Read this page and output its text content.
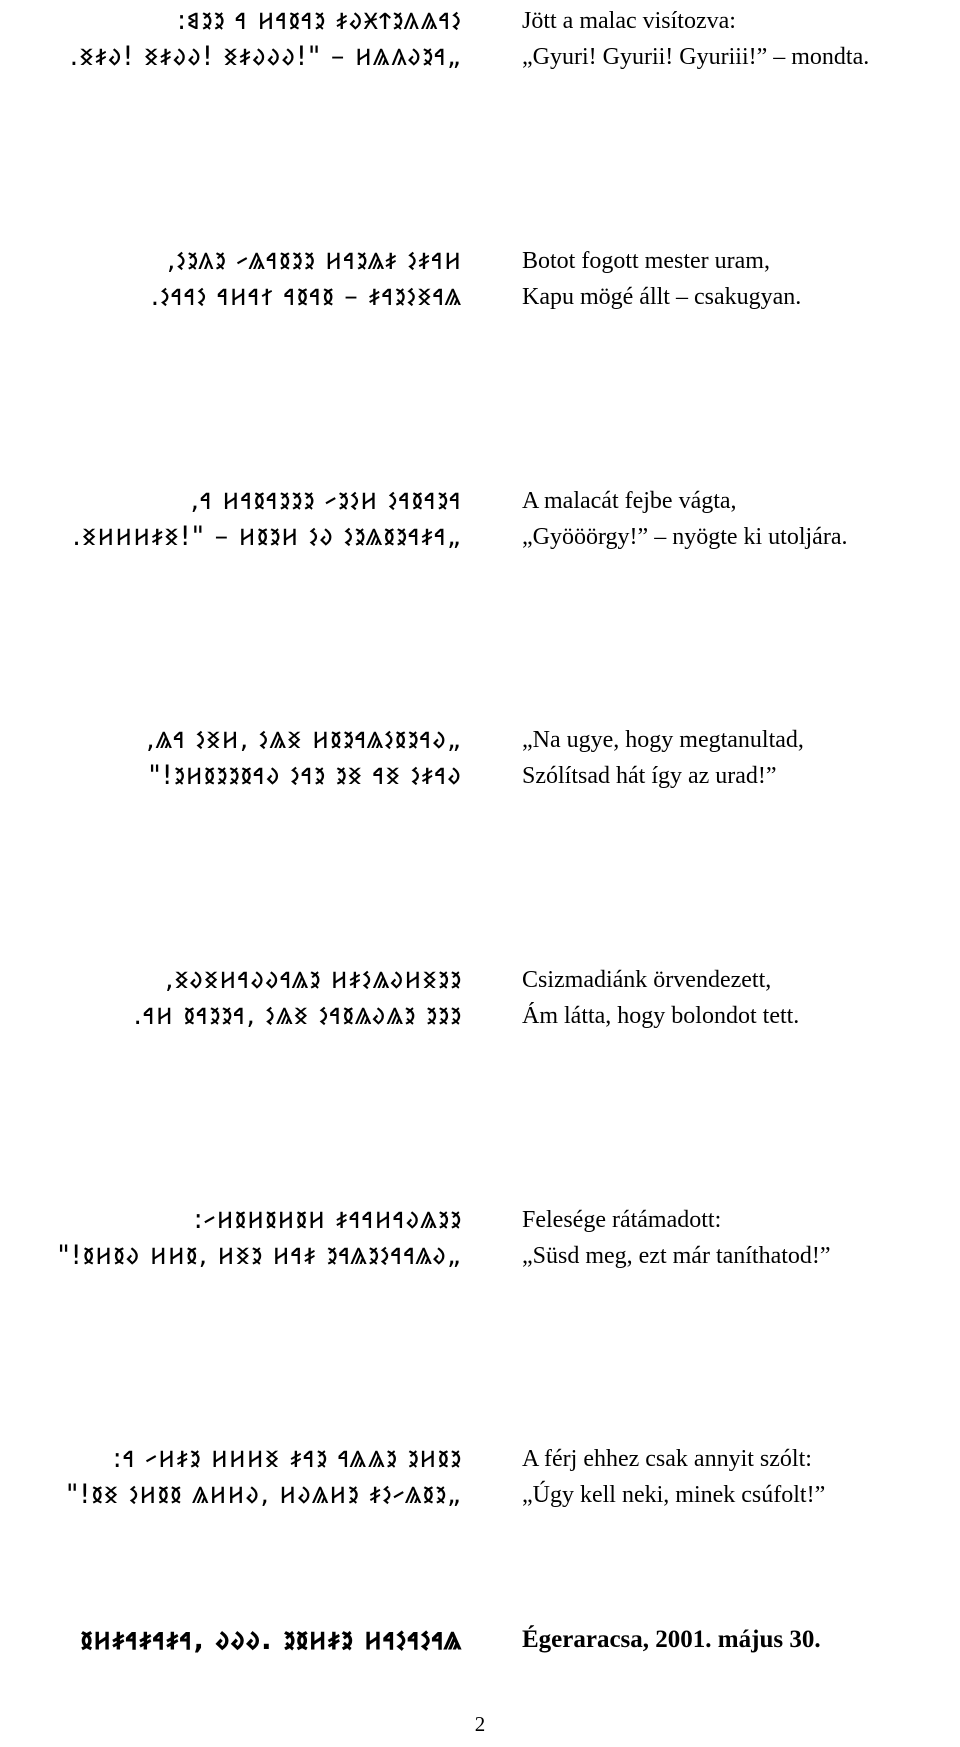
:𐳋𐳀𐳖𐳍𐳉𐳄𐳈𐳜𐳎 𐳉𐳀𐳊𐳀𐳢 𐳀 𐳉𐳉𐳘
.𐳀𐳉𐳜𐳍𐳖𐳢 – "!𐳜𐳜𐳜𐳎𐳏 !𐳜𐳜𐳎𐳏 !𐳜𐳎𐳏„
Jött a malac visítozva:
„Gyuri! Gyurii! Gyuriii!” – mondta.
‚𐳢𐳀𐳎𐳋 𐳎𐳖𐳉𐳀𐳢 𐳉𐳉𐳊𐳀𐳖𐳣 𐳉𐳍𐳉𐳋
.𐳖𐳀𐳏𐳋𐳉𐳀𐳎 – 𐳊𐳀𐳊𐳀 𐳐𐳀𐳢𐳀 𐳋𐳀𐳀𐳋
Botot fogott mester uram,
Kapu mögé állt – csakugyan.
‚𐳀𐳉𐳀𐳊𐳀𐳋 𐳢𐳋𐳉𐳣 𐳉𐳉𐳉𐳀𐳊𐳀𐳢 𐳀
.𐳀𐳎𐳀𐳉𐳊𐳖𐳉𐳋 𐳜𐳋 𐳢𐳉𐳊𐳢 – "!𐳏𐳎𐳢𐳢𐳢𐳏„
A malacát fejbe vágta,
„Gyööörgy!” – nyögte ki utoljára.
‚𐳜𐳀𐳉𐳊𐳋𐳖𐳀𐳉𐳊𐳢 𐳏𐳖𐳋 ‚𐳢𐳏𐳋 𐳀𐳖„
"!𐳜𐳀𐳎𐳋 𐳏𐳀 𐳏𐳉 𐳉𐳀𐳋 𐳜𐳀𐳊𐳉𐳉𐳊𐳢𐳉
„Na ugye, hogy megtanultad,
Szólítsad hát így az urad!”
‚𐳉𐳉𐳏𐳢𐳜𐳖𐳋𐳎𐳢 𐳉𐳖𐳀𐳜𐳜𐳀𐳢𐳏𐳜𐳏
.𐳉𐳉𐳉 𐳉𐳖𐳜𐳖𐳊𐳀𐳋 𐳏𐳖𐳋 ‚𐳀𐳉𐳉𐳀𐳊 𐳢𐳀
Csizmadiánk örvendezett,
Ám látta, hogy bolondot tett.
:𐳉𐳉𐳖𐳜𐳀𐳢𐳀𐳀𐳎 𐳢𐳊𐳢𐳊𐳢𐳊𐳢𐳣
"!𐳜𐳖𐳀𐳀𐳋𐳉𐳖𐳀𐳉 𐳎𐳀𐳢 𐳉𐳏𐳢 ‚𐳊𐳢𐳢 𐳜𐳊𐳢𐳊„
Felesége rátámadott:
„Süsd meg, ezt már taníthatod!”
:𐳉𐳊𐳢𐳉 𐳉𐳖𐳖𐳀 𐳉𐳀𐳎 𐳏𐳢𐳢𐳢 𐳉𐳎𐳢𐳣 𐳀
"!𐳉𐳊𐳖𐳣𐳋𐳎 𐳉𐳢𐳖𐳜𐳢 ‚𐳜𐳢𐳢𐳖 𐳊𐳊𐳢𐳋 𐳏𐳊„
A férj ehhez csak annyit szólt:
„Úgy kell neki, minek csúfolt!”
𐳖𐳀𐳋𐳀𐳋𐳀𐳢 𐳉𐳎𐳢𐳊𐳉 .𐳜𐳜𐳜 ‚𐳀𐳎𐳀𐳎𐳀𐳎𐳢𐳊 Égeraracsa, 2001. május 30.
2
